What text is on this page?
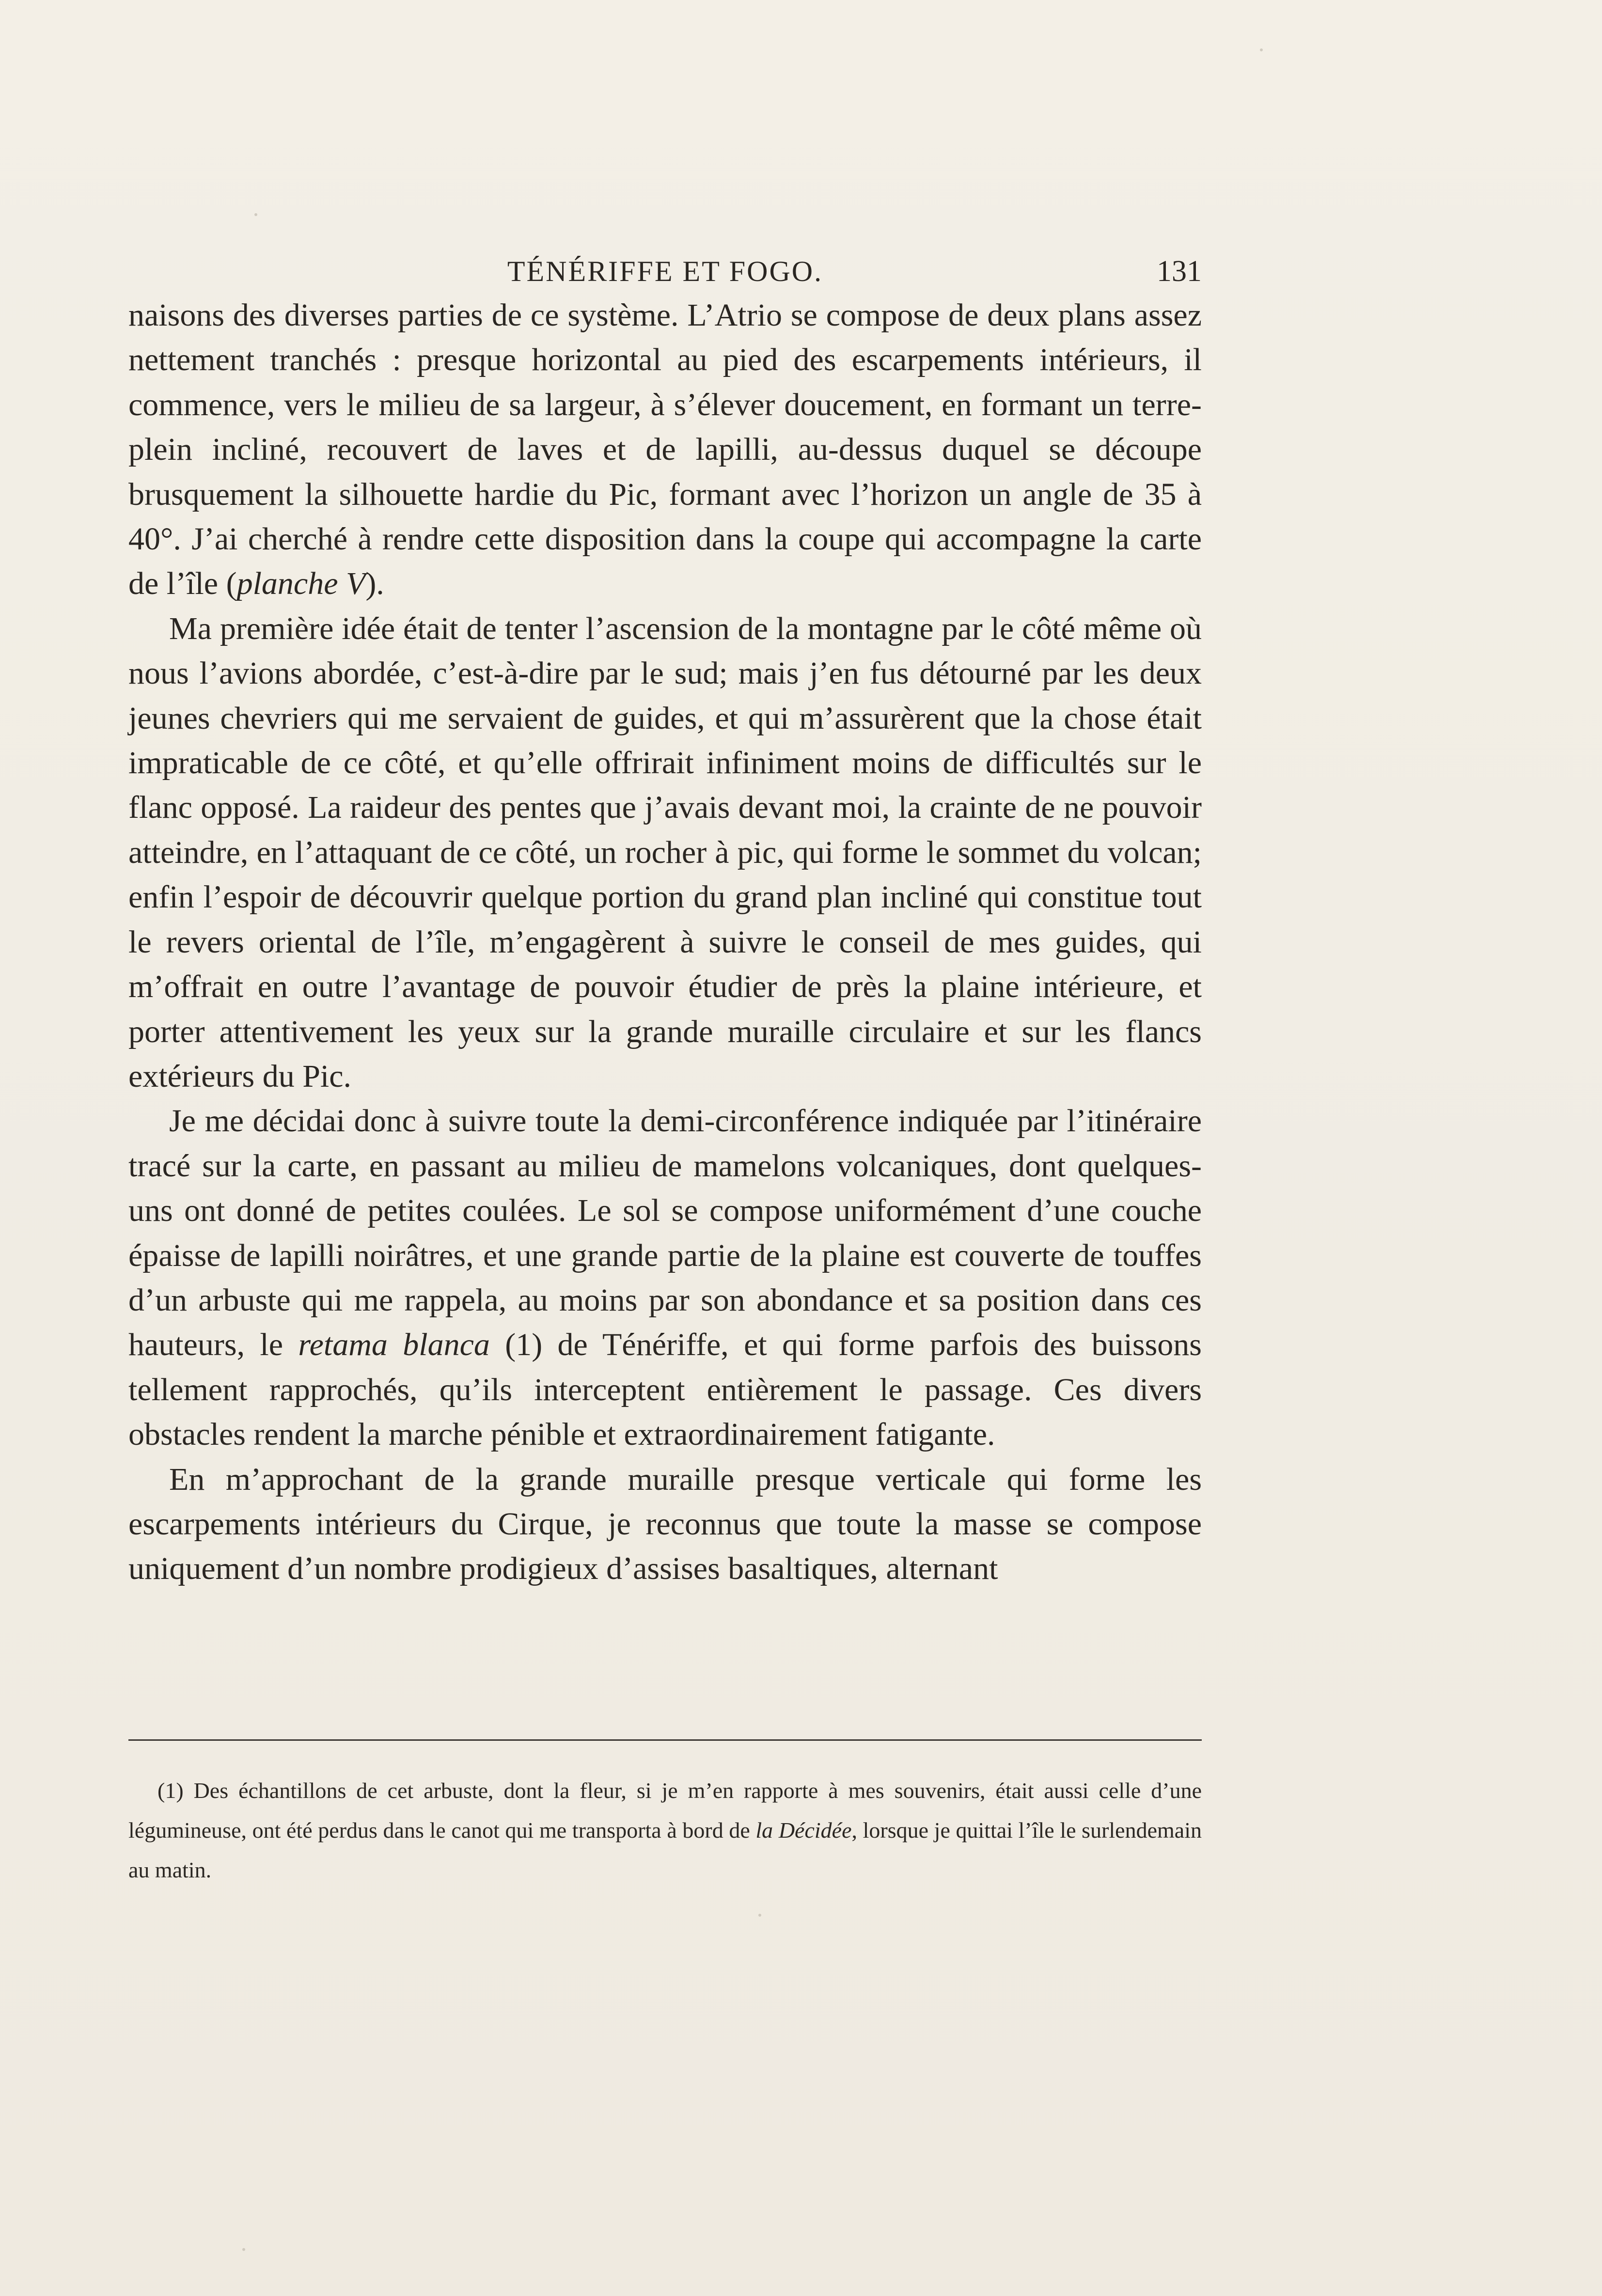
TÉNÉRIFFE ET FOGO.	131

naisons des diverses parties de ce système. L’Atrio se compose de deux plans assez nettement tranchés : presque horizontal au pied des escarpements intérieurs, il commence, vers le milieu de sa largeur, à s’élever doucement, en formant un terre-plein incliné, recouvert de laves et de lapilli, au-dessus duquel se découpe brusquement la silhouette hardie du Pic, formant avec l’horizon un angle de 35 à 40°. J’ai cherché à rendre cette disposition dans la coupe qui accompagne la carte de l’île (planche V).

Ma première idée était de tenter l’ascension de la montagne par le côté même où nous l’avions abordée, c’est-à-dire par le sud; mais j’en fus détourné par les deux jeunes chevriers qui me servaient de guides, et qui m’assurèrent que la chose était impraticable de ce côté, et qu’elle offrirait infiniment moins de difficultés sur le flanc opposé. La raideur des pentes que j’avais devant moi, la crainte de ne pouvoir atteindre, en l’attaquant de ce côté, un rocher à pic, qui forme le sommet du volcan; enfin l’espoir de découvrir quelque portion du grand plan incliné qui constitue tout le revers oriental de l’île, m’engagèrent à suivre le conseil de mes guides, qui m’offrait en outre l’avantage de pouvoir étudier de près la plaine intérieure, et porter attentivement les yeux sur la grande muraille circulaire et sur les flancs extérieurs du Pic.

Je me décidai donc à suivre toute la demi-circonférence indiquée par l’itinéraire tracé sur la carte, en passant au milieu de mamelons volcaniques, dont quelques-uns ont donné de petites coulées. Le sol se compose uniformément d’une couche épaisse de lapilli noirâtres, et une grande partie de la plaine est couverte de touffes d’un arbuste qui me rappela, au moins par son abondance et sa position dans ces hauteurs, le retama blanca (1) de Ténériffe, et qui forme parfois des buissons tellement rapprochés, qu’ils interceptent entièrement le passage. Ces divers obstacles rendent la marche pénible et extraordinairement fatigante.

En m’approchant de la grande muraille presque verticale qui forme les escarpements intérieurs du Cirque, je reconnus que toute la masse se compose uniquement d’un nombre prodigieux d’assises basaltiques, alternant

(1) Des échantillons de cet arbuste, dont la fleur, si je m’en rapporte à mes souvenirs, était aussi celle d’une légumineuse, ont été perdus dans le canot qui me transporta à bord de la Décidée, lorsque je quittai l’île le surlendemain au matin.
